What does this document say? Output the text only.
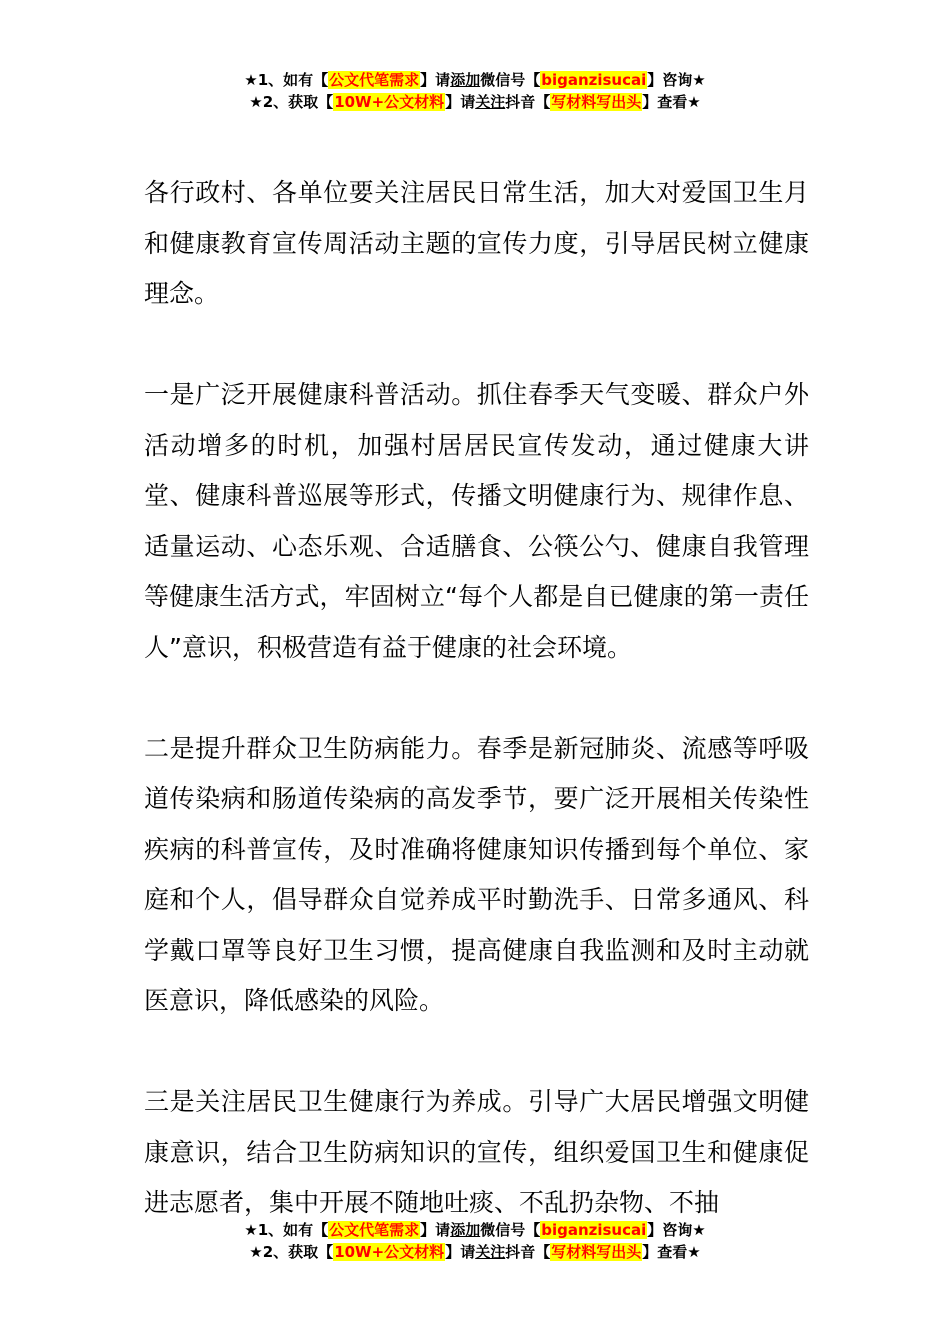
★1、如有【公文代笔需求】请添加微信号【biganzisucai】咨询★
★2、获取【10W+公文材料】请关注抖音【写材料写出头】查看★

各行政村、各单位要关注居民日常生活，加大对爱国卫生月和健康教育宣传周活动主题的宣传力度，引导居民树立健康理念。

一是广泛开展健康科普活动。抓住春季天气变暖、群众户外活动增多的时机，加强村居居民宣传发动，通过健康大讲堂、健康科普巡展等形式，传播文明健康行为、规律作息、适量运动、心态乐观、合适膳食、公筷公勺、健康自我管理等健康生活方式，牢固树立“每个人都是自已健康的第一责任人”意识，积极营造有益于健康的社会环境。

二是提升群众卫生防病能力。春季是新冠肺炎、流感等呼吸道传染病和肠道传染病的高发季节，要广泛开展相关传染性疾病的科普宣传，及时准确将健康知识传播到每个单位、家庭和个人，倡导群众自觉养成平时勤洗手、日常多通风、科学戴口罩等良好卫生习惯，提高健康自我监测和及时主动就医意识，降低感染的风险。

三是关注居民卫生健康行为养成。引导广大居民增强文明健康意识，结合卫生防病知识的宣传，组织爱国卫生和健康促进志愿者，集中开展不随地吐痰、不乱扔杂物、不抽

★1、如有【公文代笔需求】请添加微信号【biganzisucai】咨询★
★2、获取【10W+公文材料】请关注抖音【写材料写出头】查看★
